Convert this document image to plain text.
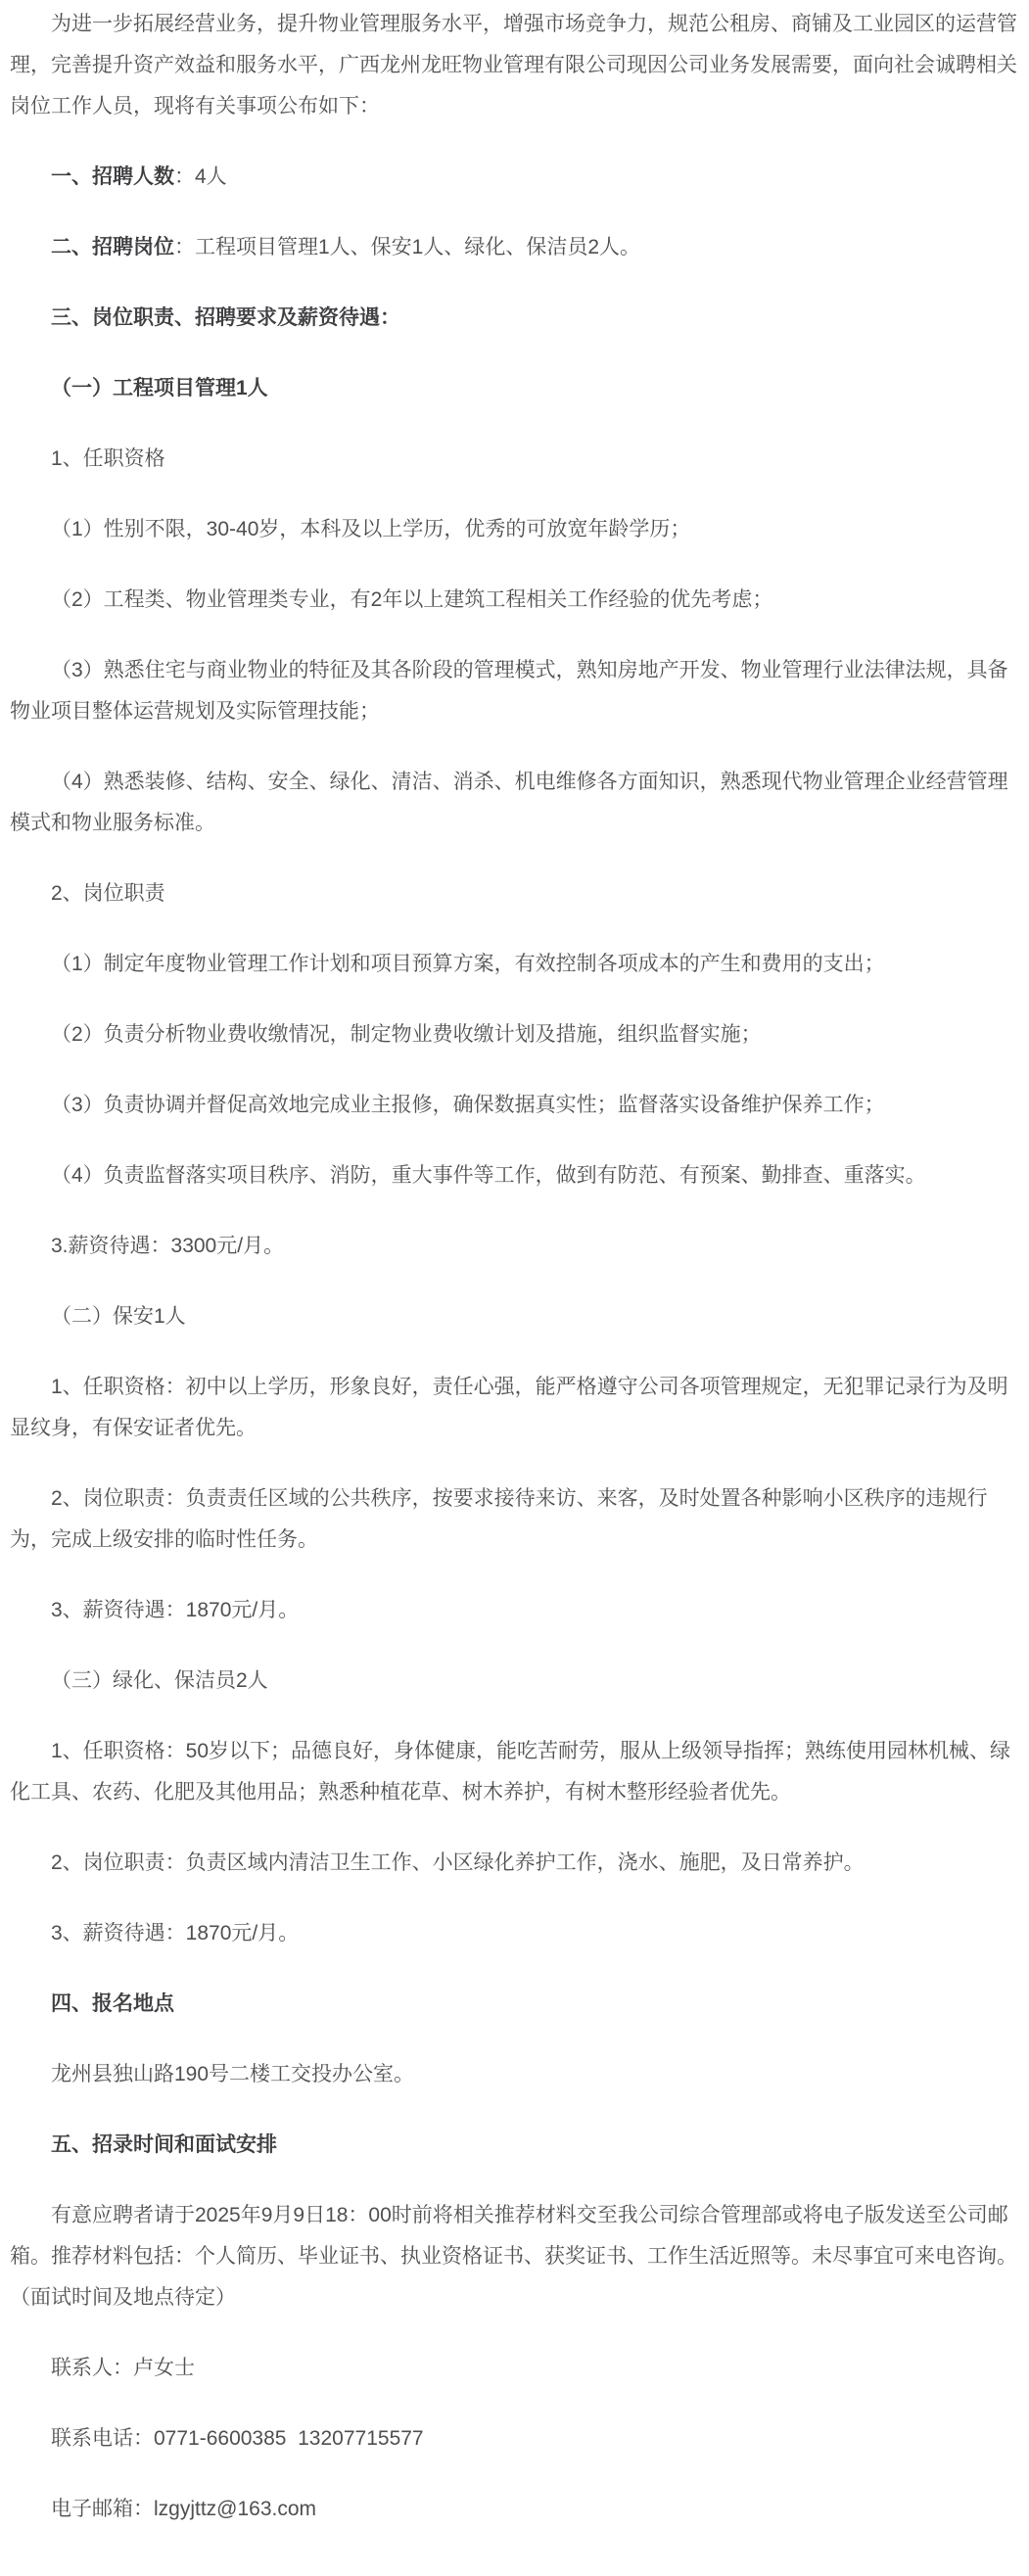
为进一步拓展经营业务，提升物业管理服务水平，增强市场竞争力，规范公租房、商铺及工业园区的运营管理，完善提升资产效益和服务水平，广西龙州龙旺物业管理有限公司现因公司业务发展需要，面向社会诚聘相关岗位工作人员，现将有关事项公布如下：

一、招聘人数：4人

二、招聘岗位：工程项目管理1人、保安1人、绿化、保洁员2人。

三、岗位职责、招聘要求及薪资待遇：

（一）工程项目管理1人

1、任职资格

（1）性别不限，30-40岁，本科及以上学历，优秀的可放宽年龄学历；

（2）工程类、物业管理类专业，有2年以上建筑工程相关工作经验的优先考虑；

（3）熟悉住宅与商业物业的特征及其各阶段的管理模式，熟知房地产开发、物业管理行业法律法规，具备物业项目整体运营规划及实际管理技能；

（4）熟悉装修、结构、安全、绿化、清洁、消杀、机电维修各方面知识，熟悉现代物业管理企业经营管理模式和物业服务标准。

2、岗位职责

（1）制定年度物业管理工作计划和项目预算方案，有效控制各项成本的产生和费用的支出；

（2）负责分析物业费收缴情况，制定物业费收缴计划及措施，组织监督实施；

（3）负责协调并督促高效地完成业主报修，确保数据真实性；监督落实设备维护保养工作；

（4）负责监督落实项目秩序、消防，重大事件等工作，做到有防范、有预案、勤排查、重落实。

3.薪资待遇：3300元/月。

（二）保安1人

1、任职资格：初中以上学历，形象良好，责任心强，能严格遵守公司各项管理规定，无犯罪记录行为及明显纹身，有保安证者优先。

2、岗位职责：负责责任区域的公共秩序，按要求接待来访、来客，及时处置各种影响小区秩序的违规行为，完成上级安排的临时性任务。

3、薪资待遇：1870元/月。

（三）绿化、保洁员2人

1、任职资格：50岁以下；品德良好，身体健康，能吃苦耐劳，服从上级领导指挥；熟练使用园林机械、绿化工具、农药、化肥及其他用品；熟悉种植花草、树木养护，有树木整形经验者优先。

2、岗位职责：负责区域内清洁卫生工作、小区绿化养护工作，浇水、施肥，及日常养护。

3、薪资待遇：1870元/月。

四、报名地点

龙州县独山路190号二楼工交投办公室。

五、招录时间和面试安排

有意应聘者请于2025年9月9日18：00时前将相关推荐材料交至我公司综合管理部或将电子版发送至公司邮箱。推荐材料包括：个人简历、毕业证书、执业资格证书、获奖证书、工作生活近照等。未尽事宜可来电咨询。（面试时间及地点待定）

联系人：卢女士

联系电话：0771-6600385  13207715577

电子邮箱：lzgyjttz@163.com
